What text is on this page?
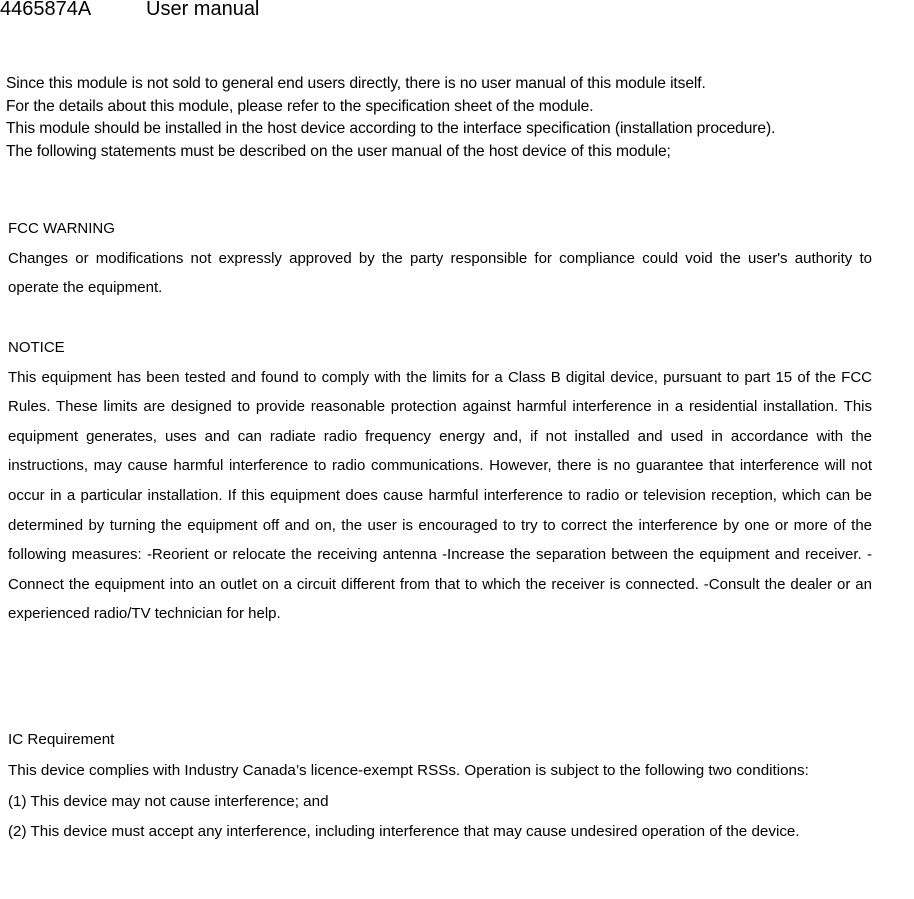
4465874A	User manual
Since this module is not sold to general end users directly, there is no user manual of this module itself.
For the details about this module, please refer to the specification sheet of the module.
This module should be installed in the host device according to the interface specification (installation procedure).
The following statements must be described on the user manual of the host device of this module;
FCC WARNING

Changes or modifications not expressly approved by the party responsible for compliance could void the user's authority to operate the equipment.

NOTICE

This equipment has been tested and found to comply with the limits for a Class B digital device, pursuant to part 15 of the FCC Rules. These limits are designed to provide reasonable protection against harmful interference in a residential installation. This equipment generates, uses and can radiate radio frequency energy and, if not installed and used in accordance with the instructions, may cause harmful interference to radio communications. However, there is no guarantee that interference will not occur in a particular installation. If this equipment does cause harmful interference to radio or television reception, which can be determined by turning the equipment off and on, the user is encouraged to try to correct the interference by one or more of the following measures: -Reorient or relocate the receiving antenna -Increase the separation between the equipment and receiver. -Connect the equipment into an outlet on a circuit different from that to which the receiver is connected. -Consult the dealer or an experienced radio/TV technician for help.

IC Requirement

This device complies with Industry Canada’s licence-exempt RSSs. Operation is subject to the following two conditions:

(1) This device may not cause interference; and

(2) This device must accept any interference, including interference that may cause undesired operation of the device.
